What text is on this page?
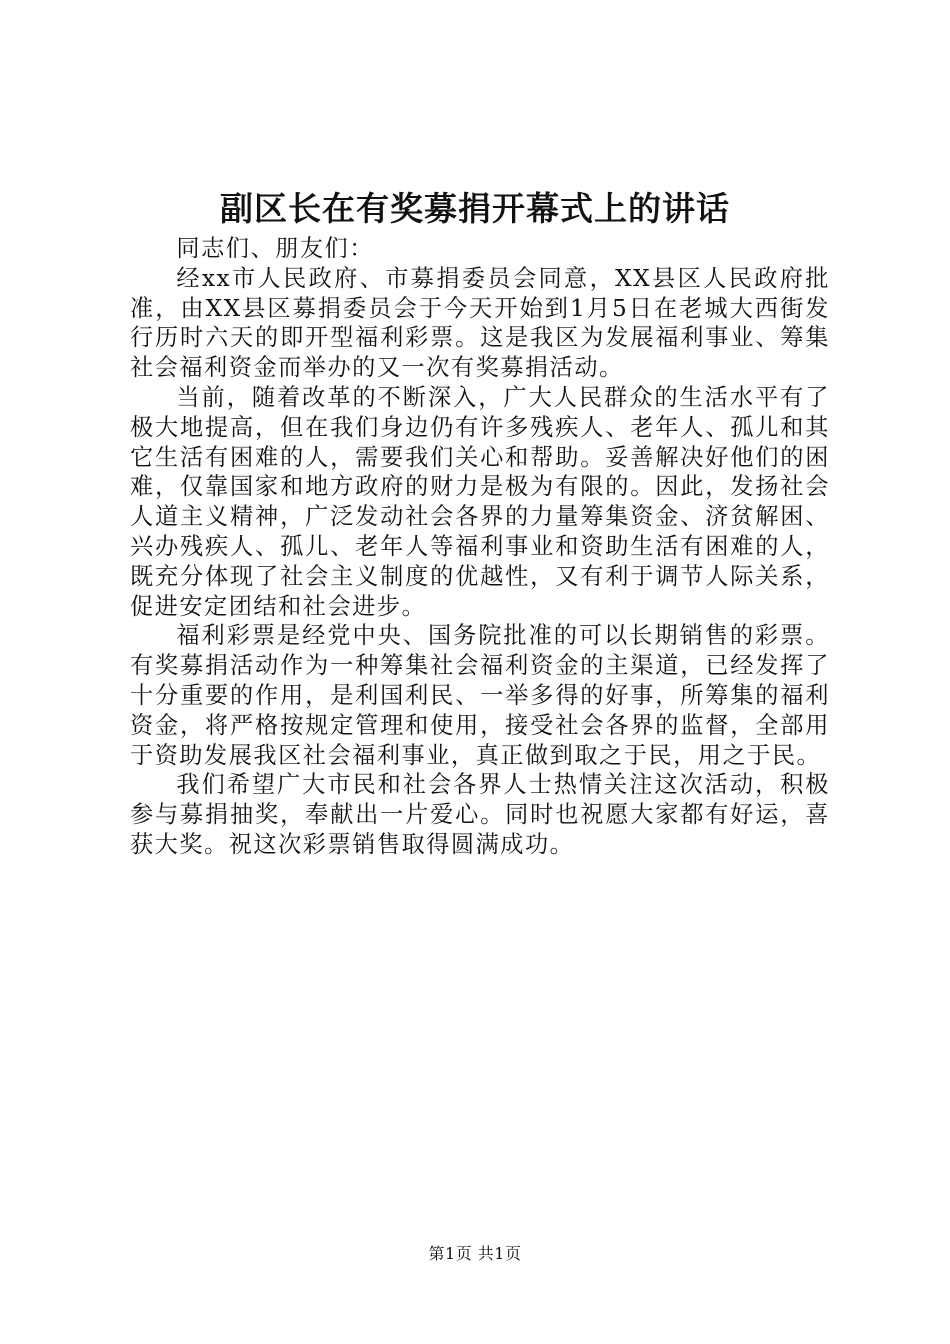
副区长在有奖募捐开幕式上的讲话

同志们、朋友们：

经xx市人民政府、市募捐委员会同意，XX县区人民政府批准，由XX县区募捐委员会于今天开始到1月5日在老城大西街发行历时六天的即开型福利彩票。这是我区为发展福利事业、筹集社会福利资金而举办的又一次有奖募捐活动。

当前，随着改革的不断深入，广大人民群众的生活水平有了极大地提高，但在我们身边仍有许多残疾人、老年人、孤儿和其它生活有困难的人，需要我们关心和帮助。妥善解决好他们的困难，仅靠国家和地方政府的财力是极为有限的。因此，发扬社会人道主义精神，广泛发动社会各界的力量筹集资金、济贫解困、兴办残疾人、孤儿、老年人等福利事业和资助生活有困难的人，既充分体现了社会主义制度的优越性，又有利于调节人际关系，促进安定团结和社会进步。

福利彩票是经党中央、国务院批准的可以长期销售的彩票。有奖募捐活动作为一种筹集社会福利资金的主渠道，已经发挥了十分重要的作用，是利国利民、一举多得的好事，所筹集的福利资金，将严格按规定管理和使用，接受社会各界的监督，全部用于资助发展我区社会福利事业，真正做到取之于民，用之于民。

我们希望广大市民和社会各界人士热情关注这次活动，积极参与募捐抽奖，奉献出一片爱心。同时也祝愿大家都有好运，喜获大奖。祝这次彩票销售取得圆满成功。

第1页 共1页
